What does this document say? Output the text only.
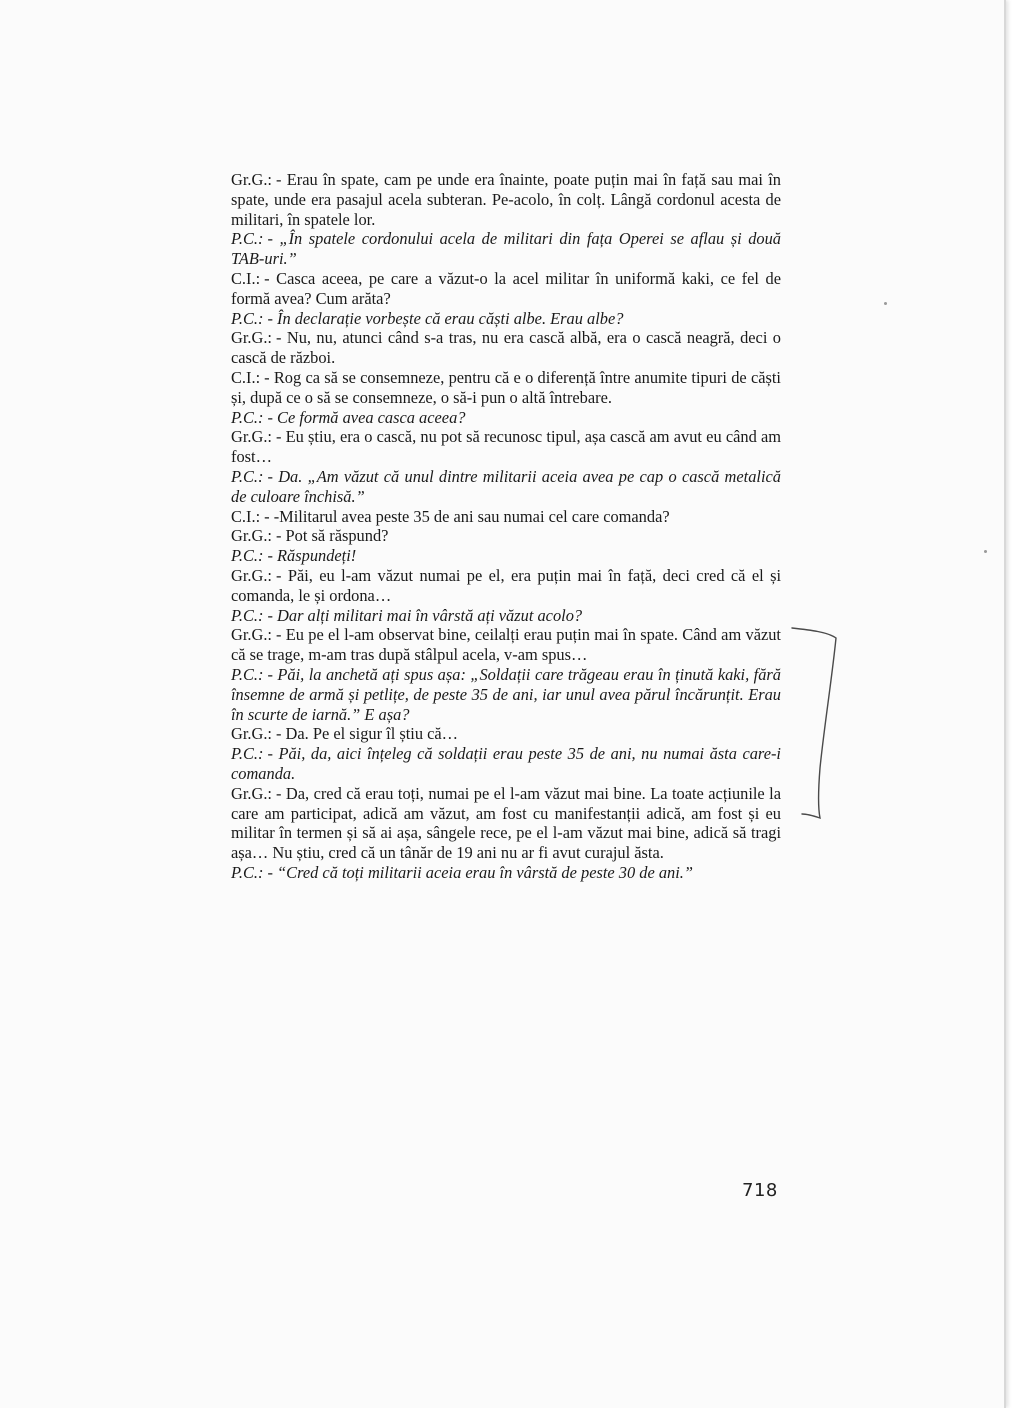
Gr.G.: - Erau în spate, cam pe unde era înainte, poate puțin mai în față sau mai în spate, unde era pasajul acela subteran. Pe-acolo, în colț. Lângă cordonul acesta de militari, în spatele lor.

P.C.: - „În spatele cordonului acela de militari din fața Operei se aflau și două TAB-uri.”

C.I.: - Casca aceea, pe care a văzut-o la acel militar în uniformă kaki, ce fel de formă avea? Cum arăta?

P.C.: - În declarație vorbește că erau căști albe. Erau albe?

Gr.G.: - Nu, nu, atunci când s-a tras, nu era cască albă, era o cască neagră, deci o cască de război.

C.I.: - Rog ca să se consemneze, pentru că e o diferență între anumite tipuri de căști și, după ce o să se consemneze, o să-i pun o altă întrebare.

P.C.: - Ce formă avea casca aceea?

Gr.G.: - Eu știu, era o cască, nu pot să recunosc tipul, așa cască am avut eu când am fost…

P.C.: - Da. „Am văzut că unul dintre militarii aceia avea pe cap o cască metalică de culoare închisă.”

C.I.: - -Militarul avea peste 35 de ani sau numai cel care comanda?

Gr.G.: - Pot să răspund?

P.C.: - Răspundeți!

Gr.G.: - Păi, eu l-am văzut numai pe el, era puțin mai în față, deci cred că el și comanda, le și ordona…

P.C.: - Dar alți militari mai în vârstă ați văzut acolo?

Gr.G.: - Eu pe el l-am observat bine, ceilalți erau puțin mai în spate. Când am văzut că se trage, m-am tras după stâlpul acela, v-am spus…

P.C.: - Păi, la anchetă ați spus așa: „Soldații care trăgeau erau în ținută kaki, fără însemne de armă și petlițe, de peste 35 de ani, iar unul avea părul încărunțit. Erau în scurte de iarnă.” E așa?

Gr.G.: - Da. Pe el sigur îl știu că…

P.C.: - Păi, da, aici înțeleg că soldații erau peste 35 de ani, nu numai ăsta care-i comanda.

Gr.G.: - Da, cred că erau toți, numai pe el l-am văzut mai bine. La toate acțiunile la care am participat, adică am văzut, am fost cu manifestanții adică, am fost și eu militar în termen și să ai așa, sângele rece, pe el l-am văzut mai bine, adică să tragi așa… Nu știu, cred că un tânăr de 19 ani nu ar fi avut curajul ăsta.

P.C.: - “Cred că toți militarii aceia erau în vârstă de peste 30 de ani.”

718
